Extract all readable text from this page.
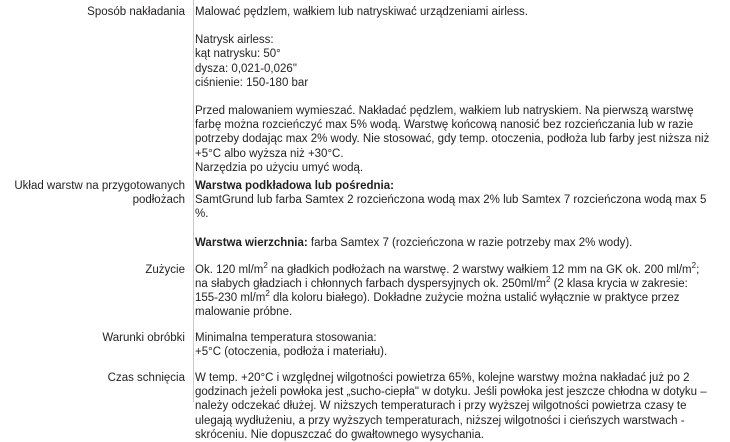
Sposób nakładania Malować pędzlem, wałkiem lub natryskiwać urządzeniami airless.

Natrysk airless:
kąt natrysku: 50°
dysza: 0,021-0,026"
ciśnienie: 150-180 bar

Przed malowaniem wymieszać. Nakładać pędzlem, wałkiem lub natryskiem. Na pierwszą warstwę farbę można rozcieńczyć max 5% wodą. Warstwę końcową nanosić bez rozcieńczania lub w razie potrzeby dodając max 2% wody. Nie stosować, gdy temp. otoczenia, podłoża lub farby jest niższa niż +5°C albo wyższa niż +30°C.

Narzędzia po użyciu umyć wodą.

Układ warstw na przygotowanych podłożach

Warstwa podkładowa lub pośrednia:

SamtGrund lub farba Samtex 2 rozcieńczona wodą max 2% lub Samtex 7 rozcieńczona wodą max 5 %.

Warstwa wierzchnia: farba Samtex 7 (rozcieńczona w razie potrzeby max 2% wody).

Zużycie Ok. 120 $ml/m^2$ na gładkich podłożach na warstwę. 2 warstwy wałkiem 12 mm na GK ok. 200 $ml/m^2$; na słabych gładziach i chłonnych farbach dyspersyjnych ok. $250ml/m^2$ (2 klasa krycia w zakresie: 155-230 $ml/m^2$ dla koloru białego). Dokładne zużycie można ustalić wyłącznie w praktyce przez malowanie próbne.

Warunki obróbki Minimalna temperatura stosowania:
+5°C (otoczenia, podłoża i materiału).

Czas schnięcia W temp. +20°C i względnej wilgotności powietrza 65%, kolejne warstwy można nakładać już po 2 godzinach jeżeli powłoka jest „sucho-ciepła" w dotyku. Jeśli powłoka jest jeszcze chłodna w dotyku – należy odczekać dłużej. W niższych temperaturach i przy wyższej wilgotności powietrza czasy te ulegają wydłużeniu, a przy wyższych temperaturach, niższej wilgotności i cieńszych warstwach - skróceniu. Nie dopuszczać do gwałtownego wysychania.
